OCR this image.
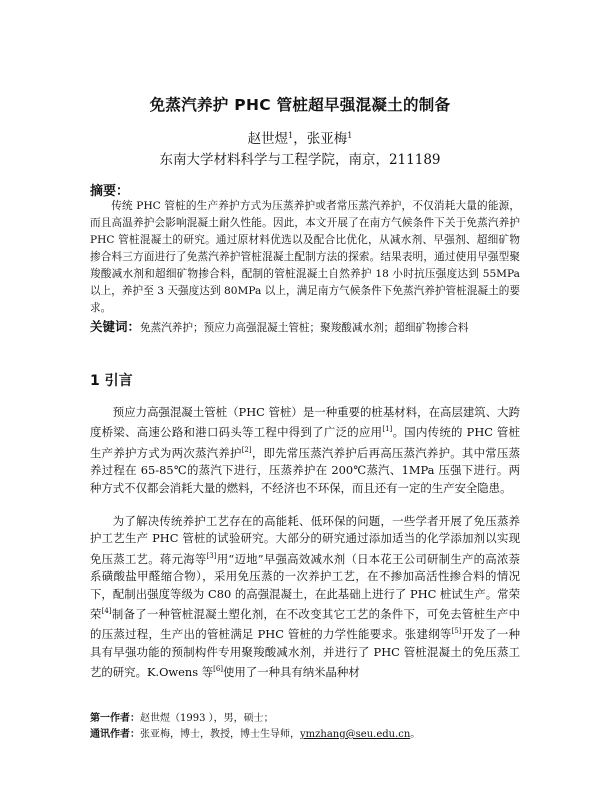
免蒸汽养护 PHC 管桩超早强混凝土的制备
赵世煜$^1$，张亚梅$^1$
东南大学材料科学与工程学院，南京，211189
摘要：

传统 PHC 管桩的生产养护方式为压蒸养护或者常压蒸汽养护，不仅消耗大量的能源，而且高温养护会影响混凝土耐久性能。因此，本文开展了在南方气候条件下关于免蒸汽养护 PHC 管桩混凝土的研究。通过原材料优选以及配合比优化，从减水剂、早强剂、超细矿物掺合料三方面进行了免蒸汽养护管桩混凝土配制方法的探索。结果表明，通过使用早强型聚羧酸减水剂和超细矿物掺合料，配制的管桩混凝土自然养护 18 小时抗压强度达到 55MPa 以上，养护至 3 天强度达到 80MPa 以上，满足南方气候条件下免蒸汽养护管桩混凝土的要求。

关键词：免蒸汽养护；预应力高强混凝土管桩；聚羧酸减水剂；超细矿物掺合料

1 引言

预应力高强混凝土管桩（PHC 管桩）是一种重要的桩基材料，在高层建筑、大跨度桥梁、高速公路和港口码头等工程中得到了广泛的应用[1]。国内传统的 PHC 管桩生产养护方式为两次蒸汽养护[2]，即先常压蒸汽养护后再高压蒸汽养护。其中常压蒸养过程在 65-85℃的蒸汽下进行，压蒸养护在 200℃蒸汽、1MPa 压强下进行。两种方式不仅都会消耗大量的燃料，不经济也不环保，而且还有一定的生产安全隐患。

为了解决传统养护工艺存在的高能耗、低环保的问题，一些学者开展了免压蒸养护工艺生产 PHC 管桩的试验研究。大部分的研究通过添加适当的化学添加剂以实现免压蒸工艺。蒋元海等[3]用“迈地”早强高效减水剂（日本花王公司研制生产的高浓萘系磺酸盐甲醛缩合物），采用免压蒸的一次养护工艺，在不掺加高活性掺合料的情况下，配制出强度等级为 C80 的高强混凝土，在此基础上进行了 PHC 桩试生产。常荣荣[4]制备了一种管桩混凝土塑化剂，在不改变其它工艺的条件下，可免去管桩生产中的压蒸过程，生产出的管桩满足 PHC 管桩的力学性能要求。张建纲等[5]开发了一种具有早强功能的预制构件专用聚羧酸减水剂，并进行了 PHC 管桩混凝土的免压蒸工艺的研究。K.Owens 等[6]使用了一种具有纳米晶种材

第一作者：赵世煜（1993 ），男，硕士；
通讯作者：张亚梅，博士，教授，博士生导师，ymzhang@seu.edu.cn。
